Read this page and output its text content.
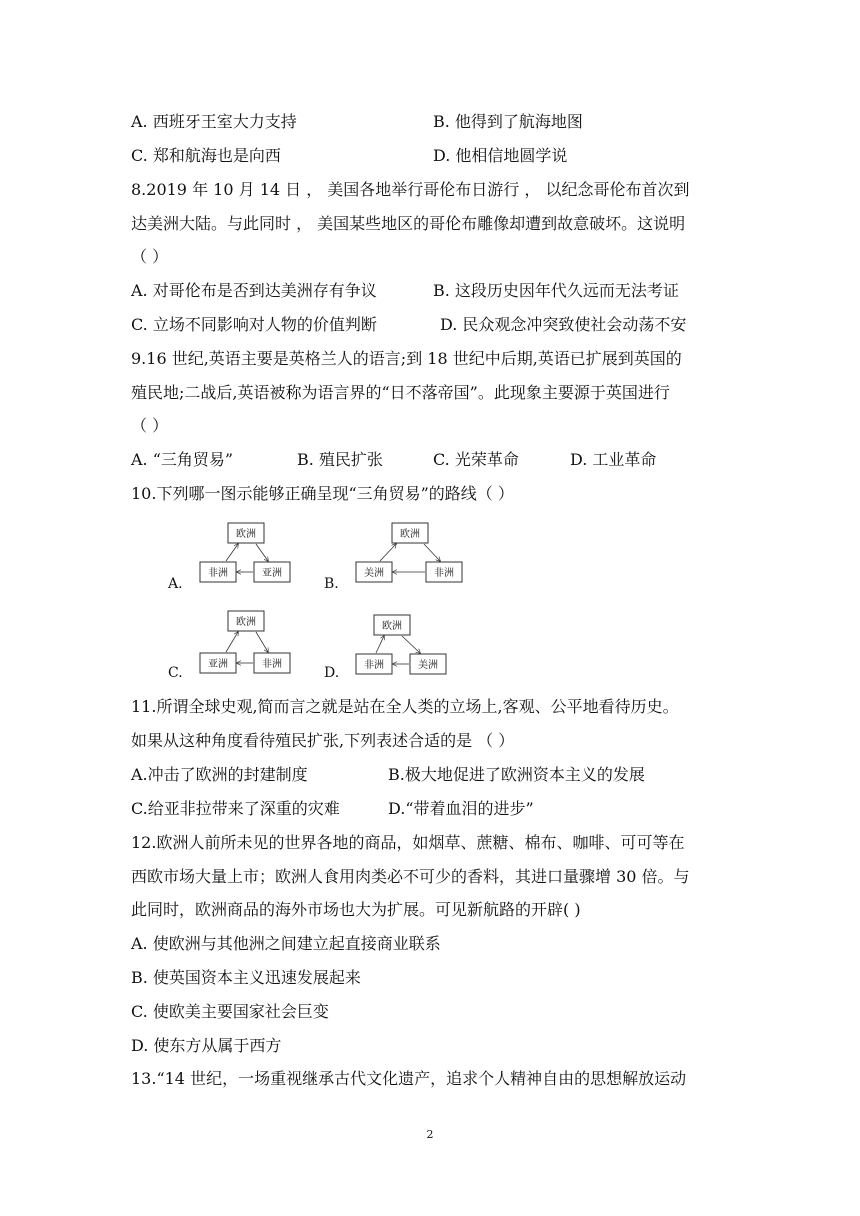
A. 西班牙王室大力支持	B. 他得到了航海地图
C. 郑和航海也是向西	D. 他相信地圆学说
8.2019 年 10 月 14 日 ， 美国各地举行哥伦布日游行 ， 以纪念哥伦布首次到
达美洲大陆。与此同时 ， 美国某些地区的哥伦布雕像却遭到故意破坏。这说明
（ ）
A. 对哥伦布是否到达美洲存有争议	B. 这段历史因年代久远而无法考证
C. 立场不同影响对人物的价值判断	D. 民众观念冲突致使社会动荡不安
9.16 世纪,英语主要是英格兰人的语言;到 18 世纪中后期,英语已扩展到英国的
殖民地;二战后,英语被称为语言界的“日不落帝国”。此现象主要源于英国进行
（ ）
A. “三角贸易”	B. 殖民扩张	C. 光荣革命	D. 工业革命
10.下列哪一图示能够正确呈现“三角贸易”的路线（ ）
A.	B.
C.	D.
欧洲
非洲	亚洲
欧洲
美洲	非洲
欧洲
亚洲	非洲
欧洲
非洲	美洲
11.所谓全球史观,简而言之就是站在全人类的立场上,客观、公平地看待历史。
如果从这种角度看待殖民扩张,下列表述合适的是 （ ）
A.冲击了欧洲的封建制度	B.极大地促进了欧洲资本主义的发展
C.给亚非拉带来了深重的灾难	D.“带着血泪的进步”
12.欧洲人前所未见的世界各地的商品，如烟草、蔗糖、棉布、咖啡、可可等在
西欧市场大量上市；欧洲人食用肉类必不可少的香料，其进口量骤增 30 倍。与
此同时，欧洲商品的海外市场也大为扩展。可见新航路的开辟( )
A. 使欧洲与其他洲之间建立起直接商业联系
B. 使英国资本主义迅速发展起来
C. 使欧美主要国家社会巨变
D. 使东方从属于西方
13.“14 世纪，一场重视继承古代文化遗产，追求个人精神自由的思想解放运动
2
